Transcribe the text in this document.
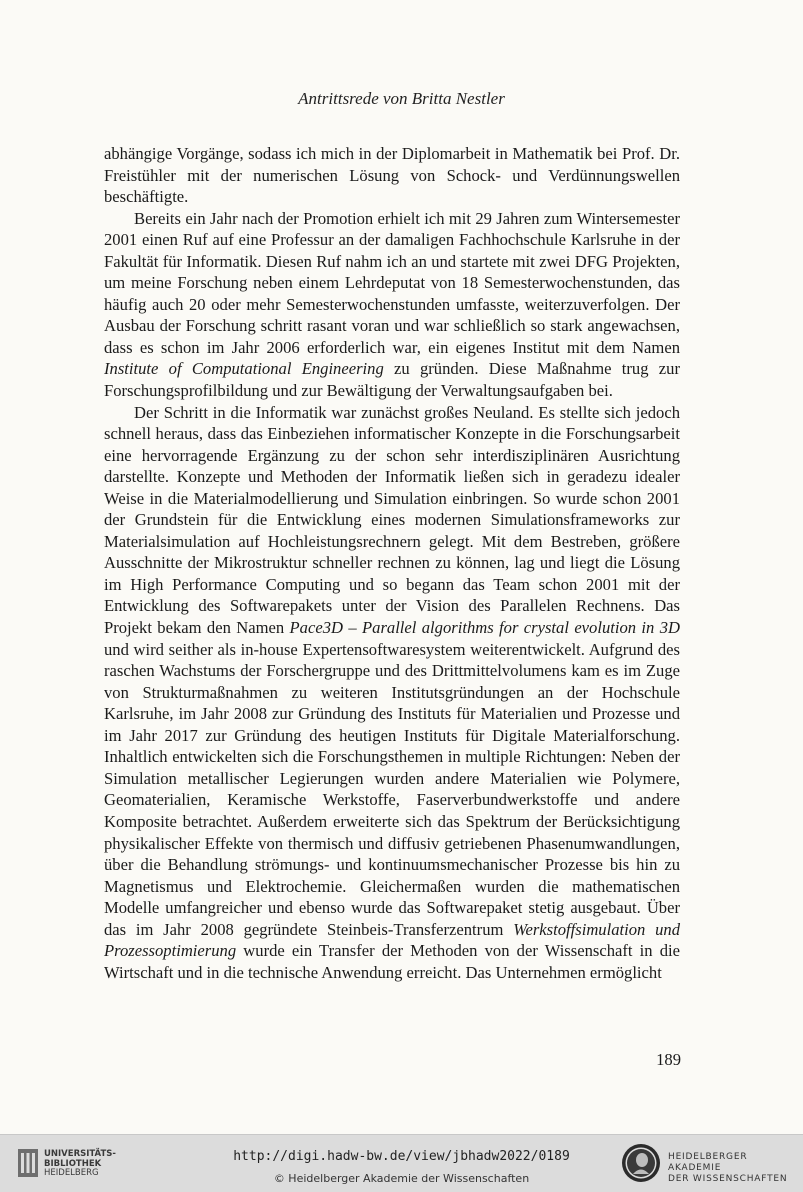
Antrittsrede von Britta Nestler

abhängige Vorgänge, sodass ich mich in der Diplomarbeit in Mathematik bei Prof. Dr. Freistühler mit der numerischen Lösung von Schock- und Verdünnungswellen beschäftigte.

Bereits ein Jahr nach der Promotion erhielt ich mit 29 Jahren zum Wintersemester 2001 einen Ruf auf eine Professur an der damaligen Fachhochschule Karlsruhe in der Fakultät für Informatik. Diesen Ruf nahm ich an und startete mit zwei DFG Projekten, um meine Forschung neben einem Lehrdeputat von 18 Semesterwochenstunden, das häufig auch 20 oder mehr Semesterwochenstunden umfasste, weiterzuverfolgen. Der Ausbau der Forschung schritt rasant voran und war schließlich so stark angewachsen, dass es schon im Jahr 2006 erforderlich war, ein eigenes Institut mit dem Namen Institute of Computational Engineering zu gründen. Diese Maßnahme trug zur Forschungsprofilbildung und zur Bewältigung der Verwaltungsaufgaben bei.

Der Schritt in die Informatik war zunächst großes Neuland. Es stellte sich jedoch schnell heraus, dass das Einbeziehen informatischer Konzepte in die Forschungsarbeit eine hervorragende Ergänzung zu der schon sehr interdisziplinären Ausrichtung darstellte. Konzepte und Methoden der Informatik ließen sich in geradezu idealer Weise in die Materialmodellierung und Simulation einbringen. So wurde schon 2001 der Grundstein für die Entwicklung eines modernen Simulationsframeworks zur Materialsimulation auf Hochleistungsrechnern gelegt. Mit dem Bestreben, größere Ausschnitte der Mikrostruktur schneller rechnen zu können, lag und liegt die Lösung im High Performance Computing und so begann das Team schon 2001 mit der Entwicklung des Softwarepakets unter der Vision des Parallelen Rechnens. Das Projekt bekam den Namen Pace3D – Parallel algorithms for crystal evolution in 3D und wird seither als in-house Expertensoftwaresystem weiterentwickelt. Aufgrund des raschen Wachstums der Forschergruppe und des Drittmittelvolumens kam es im Zuge von Strukturmaßnahmen zu weiteren Institutsgründungen an der Hochschule Karlsruhe, im Jahr 2008 zur Gründung des Instituts für Materialien und Prozesse und im Jahr 2017 zur Gründung des heutigen Instituts für Digitale Materialforschung. Inhaltlich entwickelten sich die Forschungsthemen in multiple Richtungen: Neben der Simulation metallischer Legierungen wurden andere Materialien wie Polymere, Geomaterialien, Keramische Werkstoffe, Faserverbundwerkstoffe und andere Komposite betrachtet. Außerdem erweiterte sich das Spektrum der Berücksichtigung physikalischer Effekte von thermisch und diffusiv getriebenen Phasenumwandlungen, über die Behandlung strömungs- und kontinuumsmechanischer Prozesse bis hin zu Magnetismus und Elektrochemie. Gleichermaßen wurden die mathematischen Modelle umfangreicher und ebenso wurde das Softwarepaket stetig ausgebaut. Über das im Jahr 2008 gegründete Steinbeis-Transferzentrum Werkstoffsimulation und Prozessoptimierung wurde ein Transfer der Methoden von der Wissenschaft in die Wirtschaft und in die technische Anwendung erreicht. Das Unternehmen ermöglicht

189
UNIVERSITÄTS-
BIBLIOTHEK
HEIDELBERG
http://digi.hadw-bw.de/view/jbhadw2022/0189
© Heidelberger Akademie der Wissenschaften
HEIDELBERGER AKADEMIE
DER WISSENSCHAFTEN
